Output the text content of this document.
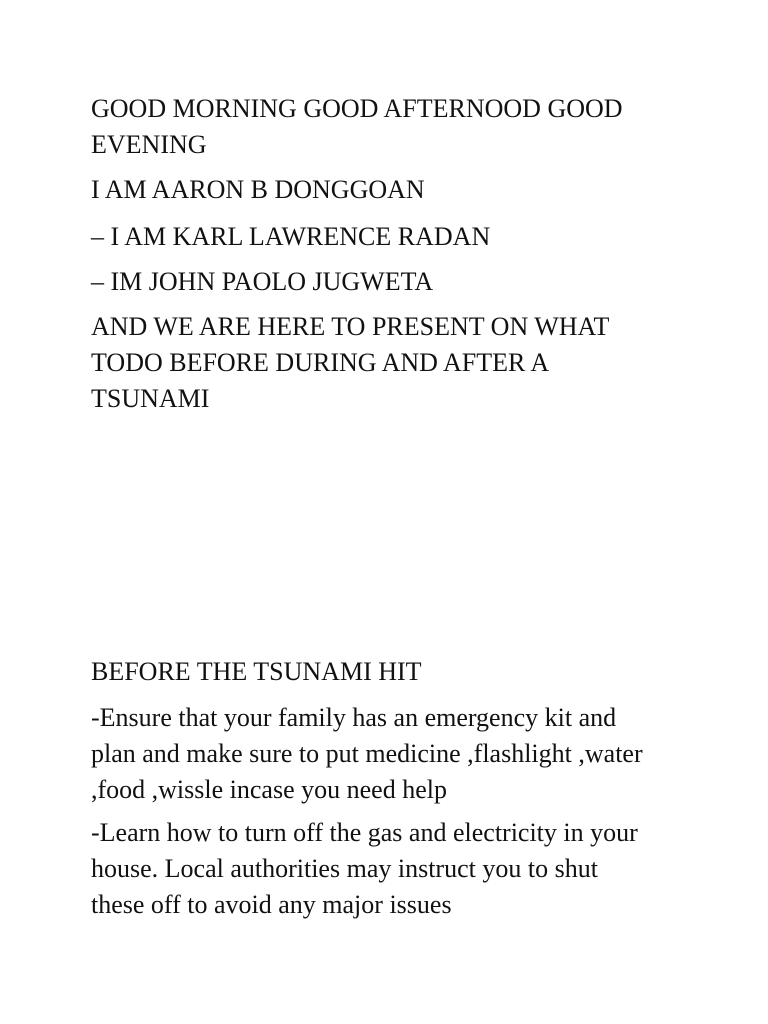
GOOD MORNING GOOD AFTERNOOD GOOD
EVENING

I AM AARON B DONGGOAN

– I AM KARL LAWRENCE RADAN

– IM JOHN PAOLO JUGWETA

AND WE ARE HERE TO PRESENT ON WHAT
TODO BEFORE DURING AND AFTER A
TSUNAMI

BEFORE THE TSUNAMI HIT

-Ensure that your family has an emergency kit and
plan and make sure to put medicine ,flashlight ,water
,food ,wissle incase you need help

-Learn how to turn off the gas and electricity in your
house. Local authorities may instruct you to shut
these off to avoid any major issues
